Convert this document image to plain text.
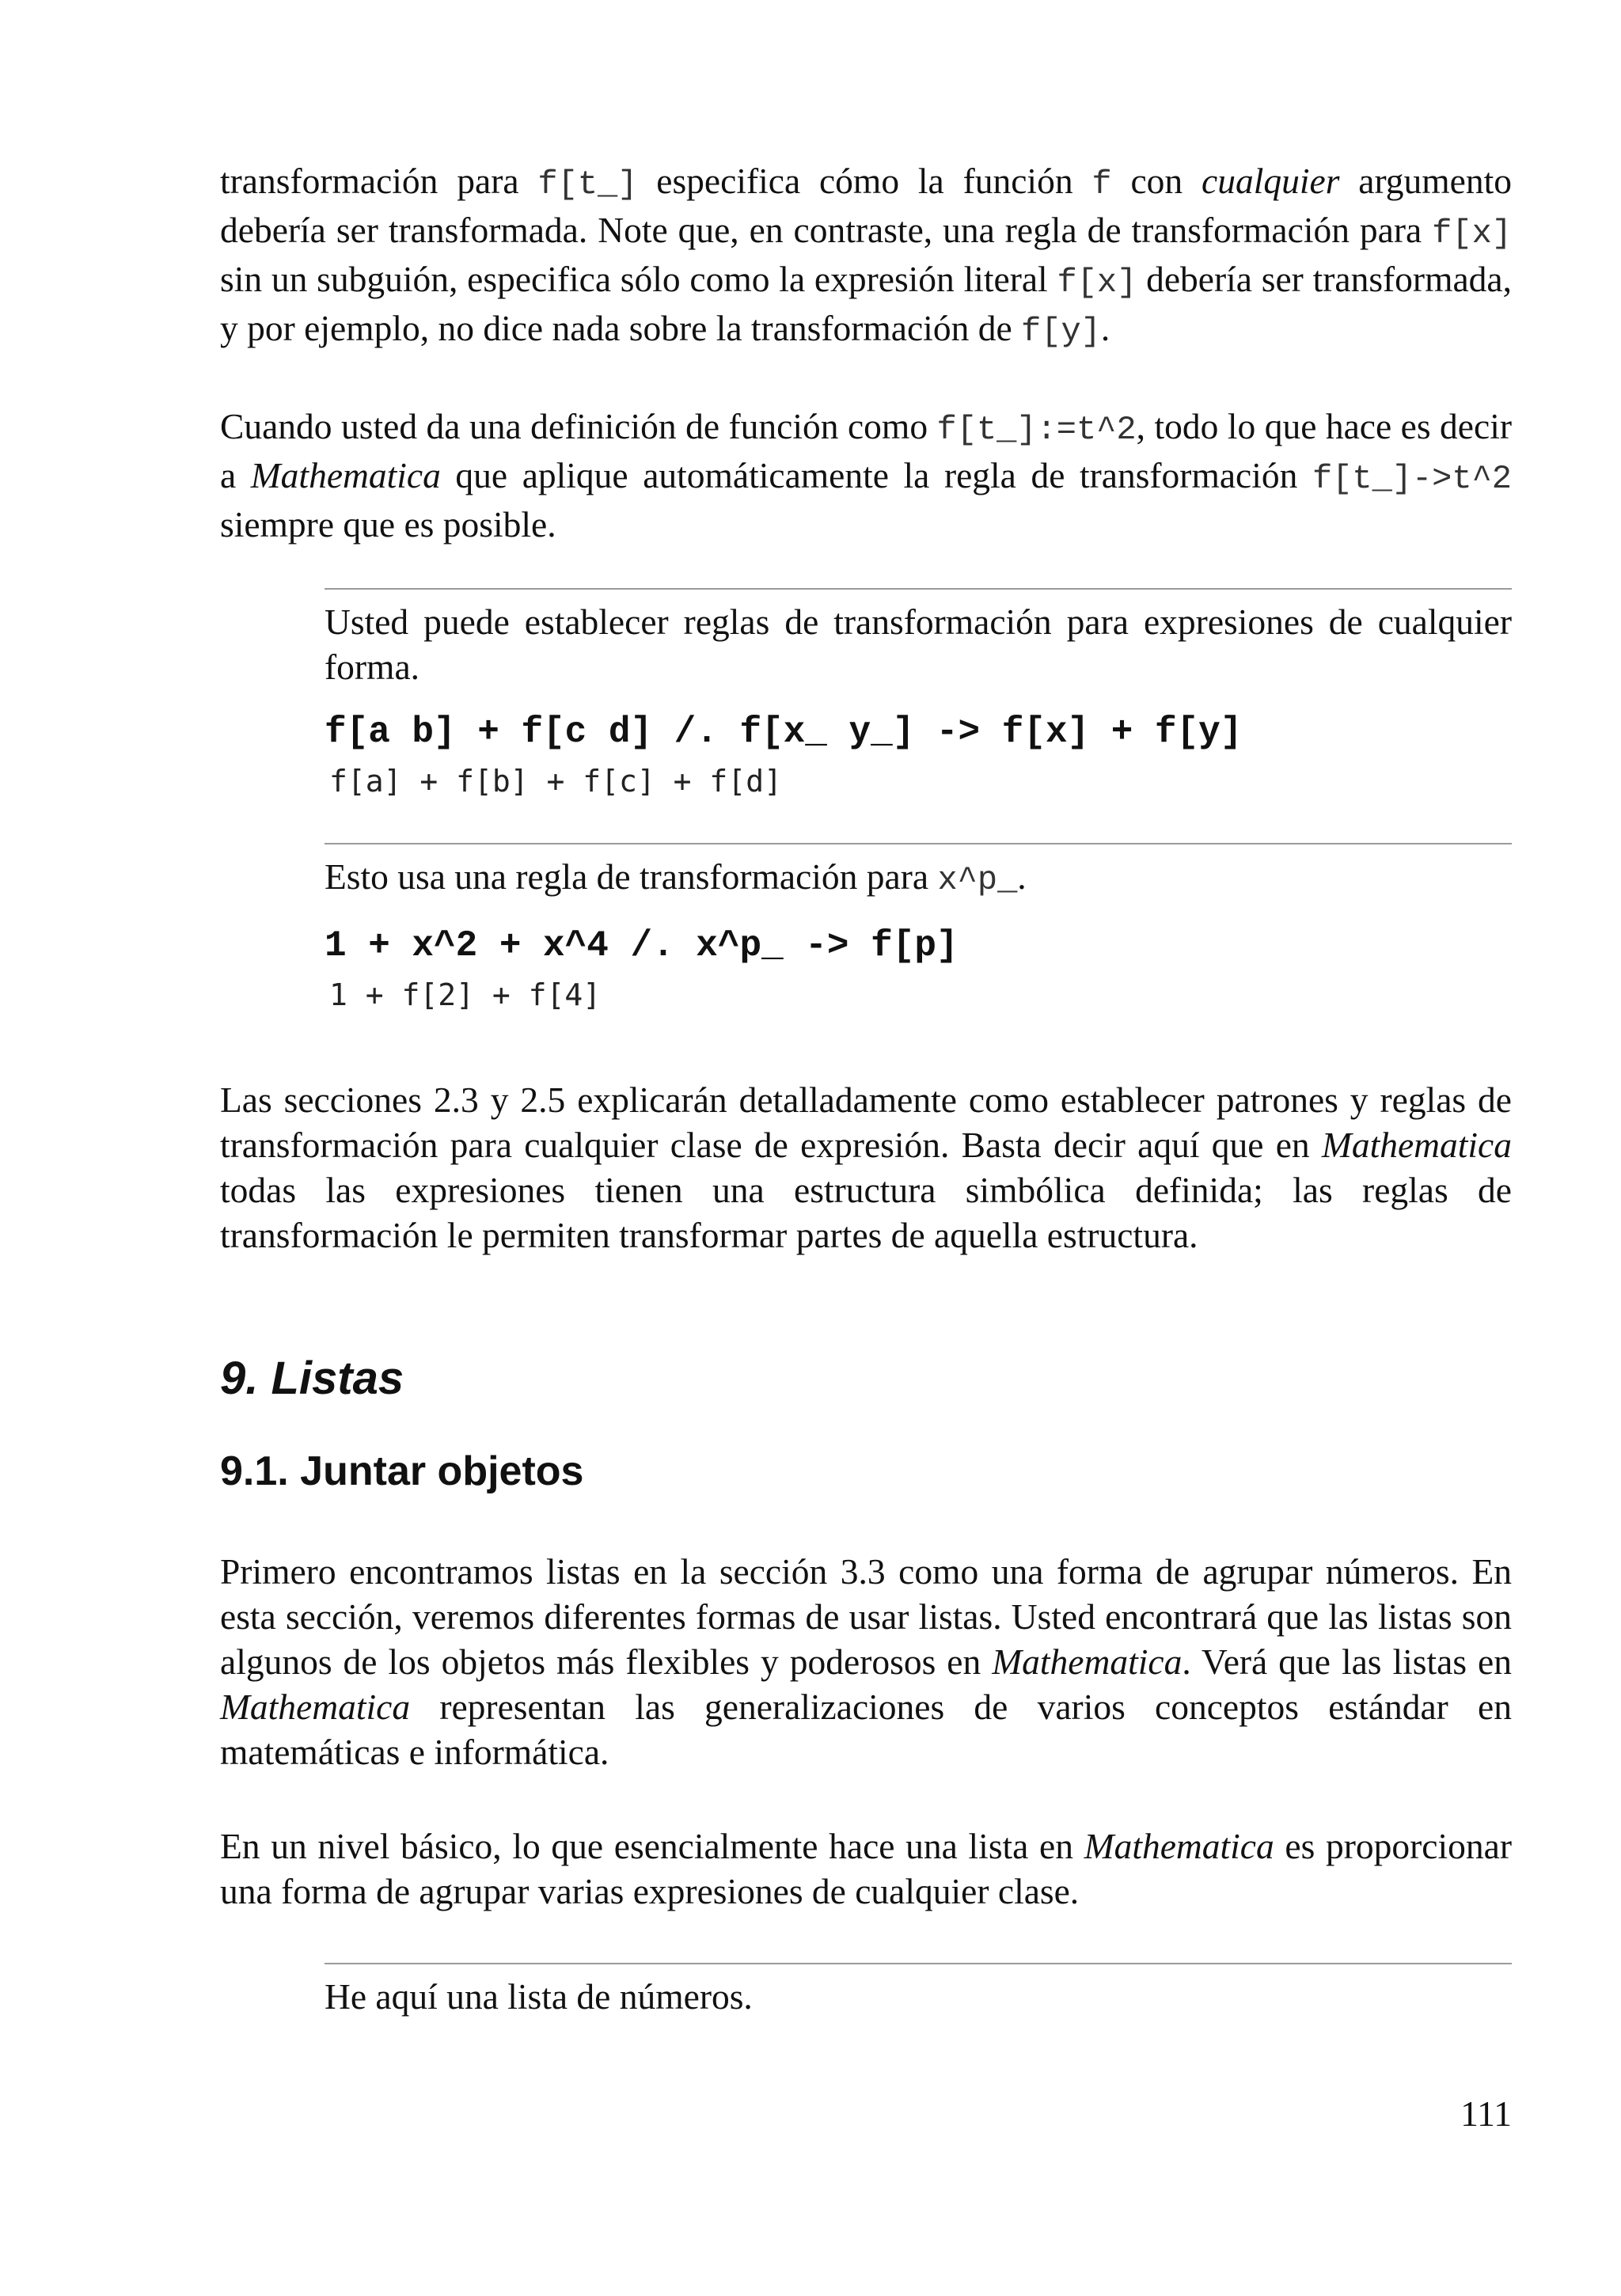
transformación para f[t_] especifica cómo la función f con cualquier argumento debería ser transformada. Note que, en contraste, una regla de transformación para f[x] sin un subguión, especifica sólo como la expresión literal f[x] debería ser transformada, y por ejemplo, no dice nada sobre la transformación de f[y].

Cuando usted da una definición de función como f[t_]:=t^2, todo lo que hace es decir a Mathematica que aplique automáticamente la regla de transformación f[t_]->t^2 siempre que es posible.

Usted puede establecer reglas de transformación para expresiones de cualquier forma.

f[a b] + f[c d] /. f[x_ y_] -> f[x] + f[y]
f[a] + f[b] + f[c] + f[d]

Esto usa una regla de transformación para x^p_.

1 + x^2 + x^4 /. x^p_ -> f[p]
1 + f[2] + f[4]

Las secciones 2.3 y 2.5 explicarán detalladamente como establecer patrones y reglas de transformación para cualquier clase de expresión. Basta decir aquí que en Mathematica todas las expresiones tienen una estructura simbólica definida; las reglas de transformación le permiten transformar partes de aquella estructura.

9. Listas
9.1. Juntar objetos

Primero encontramos listas en la sección 3.3 como una forma de agrupar números. En esta sección, veremos diferentes formas de usar listas. Usted encontrará que las listas son algunos de los objetos más flexibles y poderosos en Mathematica. Verá que las listas en Mathematica representan las generalizaciones de varios conceptos estándar en matemáticas e informática.

En un nivel básico, lo que esencialmente hace una lista en Mathematica es proporcionar una forma de agrupar varias expresiones de cualquier clase.

He aquí una lista de números.

111
